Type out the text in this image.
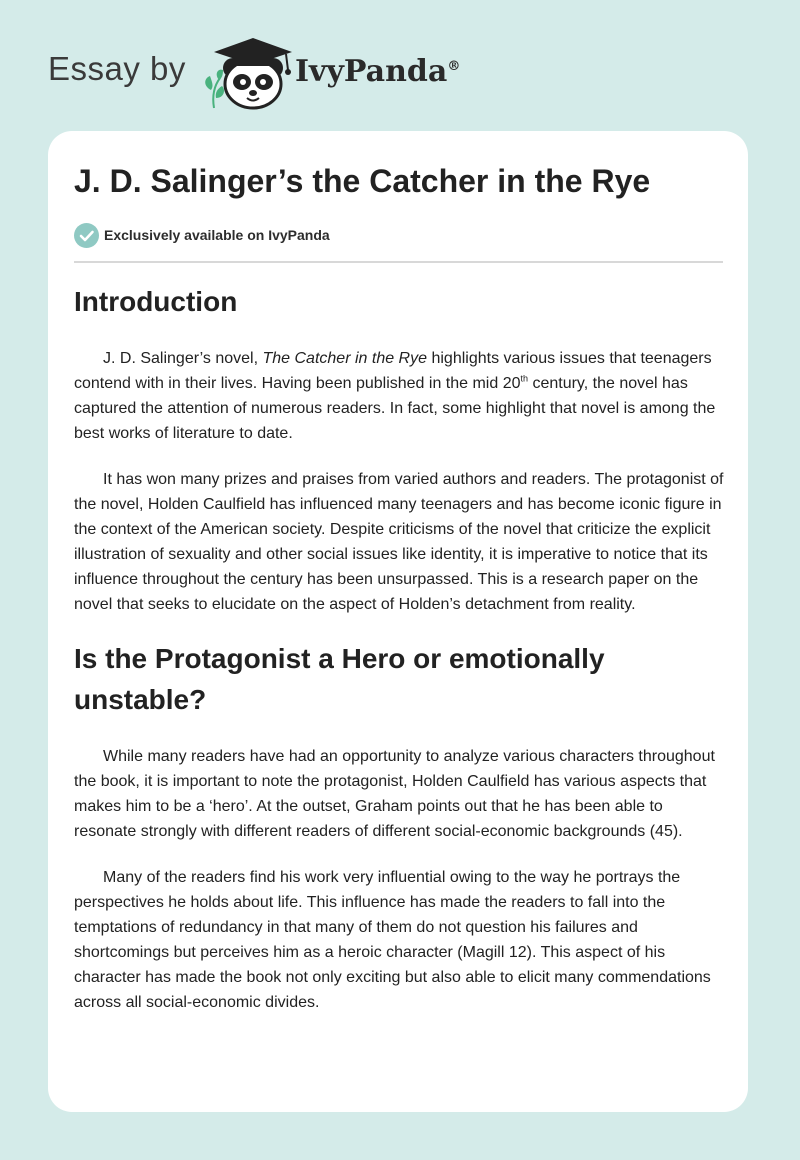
Essay by	IvyPanda®
J. D. Salinger’s the Catcher in the Rye
Exclusively available on IvyPanda
Introduction

J. D. Salinger’s novel, The Catcher in the Rye highlights various issues that teenagers contend with in their lives. Having been published in the mid 20th century, the novel has captured the attention of numerous readers. In fact, some highlight that novel is among the best works of literature to date.

It has won many prizes and praises from varied authors and readers. The protagonist of the novel, Holden Caulfield has influenced many teenagers and has become iconic figure in the context of the American society. Despite criticisms of the novel that criticize the explicit illustration of sexuality and other social issues like identity, it is imperative to notice that its influence throughout the century has been unsurpassed. This is a research paper on the novel that seeks to elucidate on the aspect of Holden’s detachment from reality.

Is the Protagonist a Hero or emotionally unstable?

While many readers have had an opportunity to analyze various characters throughout the book, it is important to note the protagonist, Holden Caulfield has various aspects that makes him to be a ‘hero’. At the outset, Graham points out that he has been able to resonate strongly with different readers of different social-economic backgrounds (45).

Many of the readers find his work very influential owing to the way he portrays the perspectives he holds about life. This influence has made the readers to fall into the temptations of redundancy in that many of them do not question his failures and shortcomings but perceives him as a heroic character (Magill 12). This aspect of his character has made the book not only exciting but also able to elicit many commendations across all social-economic divides.
